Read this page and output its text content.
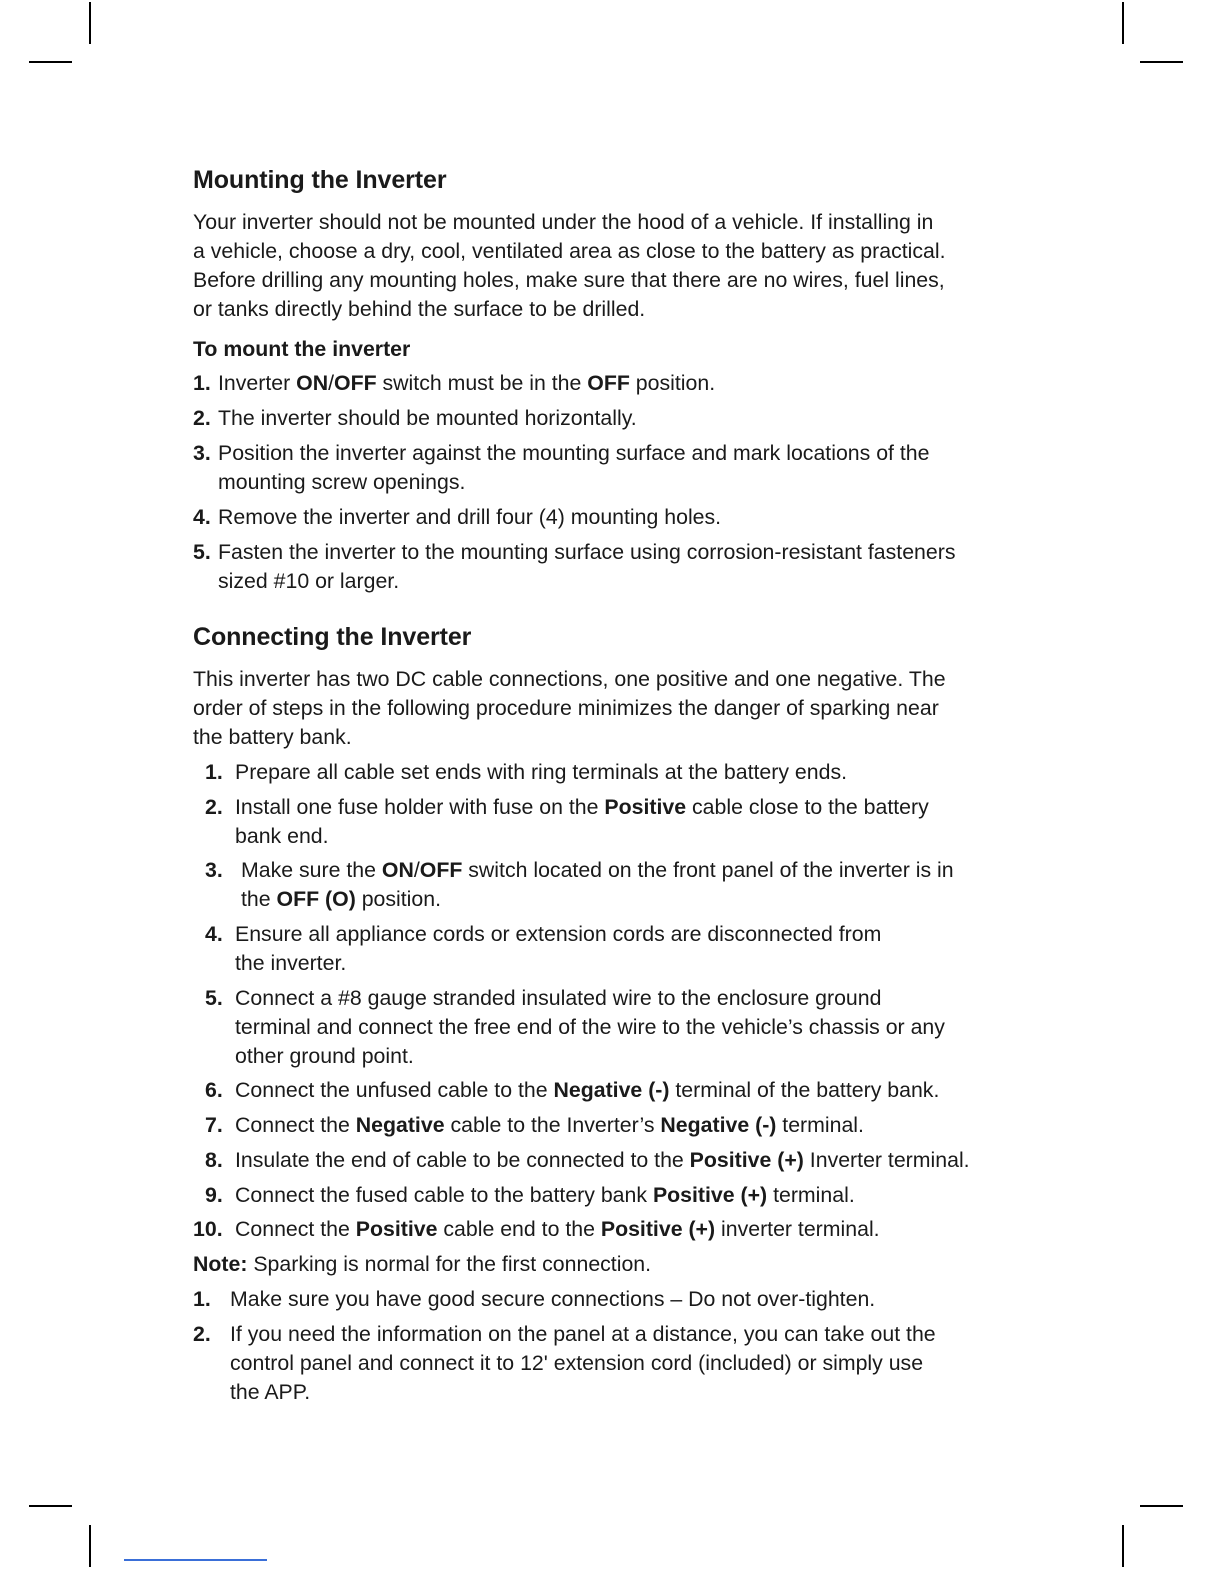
Mounting the Inverter
Your inverter should not be mounted under the hood of a vehicle. If installing in
a vehicle, choose a dry, cool, ventilated area as close to the battery as practical.
Before drilling any mounting holes, make sure that there are no wires, fuel lines,
or tanks directly behind the surface to be drilled.
To mount the inverter
1. Inverter ON/OFF switch must be in the OFF position.
2. The inverter should be mounted horizontally.
3. Position the inverter against the mounting surface and mark locations of the
mounting screw openings.
4. Remove the inverter and drill four (4) mounting holes.
5. Fasten the inverter to the mounting surface using corrosion-resistant fasteners
sized #10 or larger.
Connecting the Inverter
This inverter has two DC cable connections, one positive and one negative. The
order of steps in the following procedure minimizes the danger of sparking near
the battery bank.
1. Prepare all cable set ends with ring terminals at the battery ends.
2. Install one fuse holder with fuse on the Positive cable close to the battery
bank end.
3. Make sure the ON/OFF switch located on the front panel of the inverter is in
the OFF (O) position.
4. Ensure all appliance cords or extension cords are disconnected from
the inverter.
5. Connect a #8 gauge stranded insulated wire to the enclosure ground
terminal and connect the free end of the wire to the vehicle’s chassis or any
other ground point.
6. Connect the unfused cable to the Negative (-) terminal of the battery bank.
7. Connect the Negative cable to the Inverter’s Negative (-) terminal.
8. Insulate the end of cable to be connected to the Positive (+) Inverter terminal.
9. Connect the fused cable to the battery bank Positive (+) terminal.
10. Connect the Positive cable end to the Positive (+) inverter terminal.
Note: Sparking is normal for the first connection.
1. Make sure you have good secure connections – Do not over-tighten.
2. If you need the information on the panel at a distance, you can take out the
control panel and connect it to 12' extension cord (included) or simply use
the APP.
